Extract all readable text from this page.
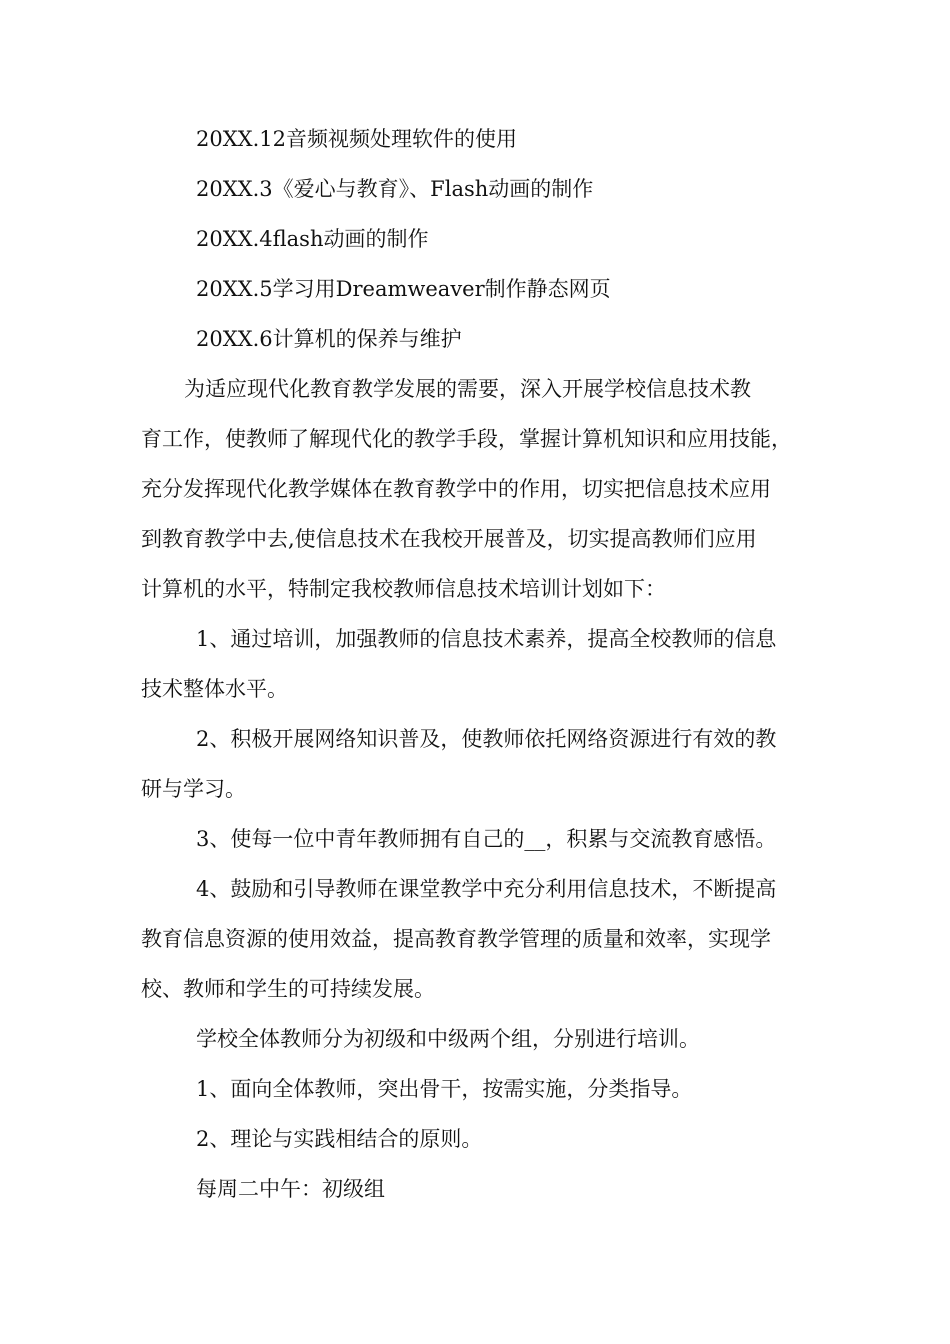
20XX.12音频视频处理软件的使用
20XX.3《爱心与教育》、Flash动画的制作
20XX.4flash动画的制作
20XX.5学习用Dreamweaver制作静态网页
20XX.6计算机的保养与维护
为适应现代化教育教学发展的需要，深入开展学校信息技术教
育工作，使教师了解现代化的教学手段，掌握计算机知识和应用技能，
充分发挥现代化教学媒体在教育教学中的作用，切实把信息技术应用
到教育教学中去,使信息技术在我校开展普及，切实提高教师们应用
计算机的水平，特制定我校教师信息技术培训计划如下：
1、通过培训，加强教师的信息技术素养，提高全校教师的信息
技术整体水平。
2、积极开展网络知识普及，使教师依托网络资源进行有效的教
研与学习。
3、使每一位中青年教师拥有自己的__，积累与交流教育感悟。
4、鼓励和引导教师在课堂教学中充分利用信息技术，不断提高
教育信息资源的使用效益，提高教育教学管理的质量和效率，实现学
校、教师和学生的可持续发展。
学校全体教师分为初级和中级两个组，分别进行培训。
1、面向全体教师，突出骨干，按需实施，分类指导。
2、理论与实践相结合的原则。
每周二中午：初级组
